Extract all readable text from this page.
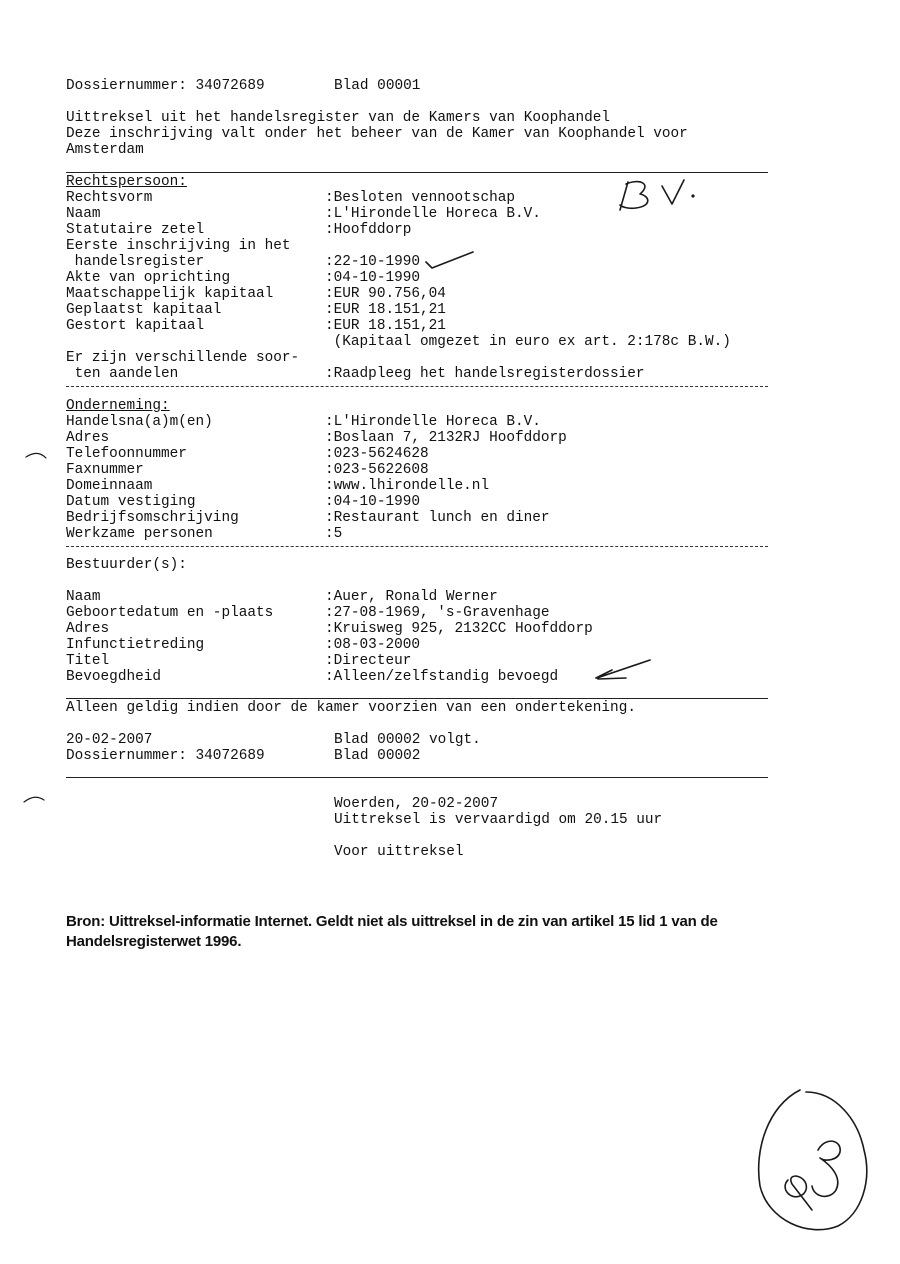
Dossiernummer: 34072689	Blad 00001
Uittreksel uit het handelsregister van de Kamers van Koophandel
Deze inschrijving valt onder het beheer van de Kamer van Koophandel voor
Amsterdam
Rechtspersoon:
Rechtsvorm	:Besloten vennootschap
Naam	:L'Hirondelle Horeca B.V.
Statutaire zetel	:Hoofddorp
Eerste inschrijving in het
handelsregister	:22-10-1990
Akte van oprichting	:04-10-1990
Maatschappelijk kapitaal	:EUR 90.756,04
Geplaatst kapitaal	:EUR 18.151,21
Gestort kapitaal	:EUR 18.151,21
(Kapitaal omgezet in euro ex art. 2:178c B.W.)
Er zijn verschillende soor-
ten aandelen	:Raadpleeg het handelsregisterdossier
Onderneming:
Handelsna(a)m(en)	:L'Hirondelle Horeca B.V.
Adres	:Boslaan 7, 2132RJ Hoofddorp
Telefoonnummer	:023-5624628
Faxnummer	:023-5622608
Domeinnaam	:www.lhirondelle.nl
Datum vestiging	:04-10-1990
Bedrijfsomschrijving	:Restaurant lunch en diner
Werkzame personen	:5
Bestuurder(s):
Naam	:Auer, Ronald Werner
Geboortedatum en -plaats	:27-08-1969, 's-Gravenhage
Adres	:Kruisweg 925, 2132CC Hoofddorp
Infunctietreding	:08-03-2000
Titel	:Directeur
Bevoegdheid	:Alleen/zelfstandig bevoegd
Alleen geldig indien door de kamer voorzien van een ondertekening.
20-02-2007	Blad 00002 volgt.
Dossiernummer: 34072689	Blad 00002
Woerden, 20-02-2007
Uittreksel is vervaardigd om 20.15 uur
Voor uittreksel
Bron: Uittreksel-informatie Internet. Geldt niet als uittreksel in de zin van artikel 15 lid 1 van de Handelsregisterwet 1996.
